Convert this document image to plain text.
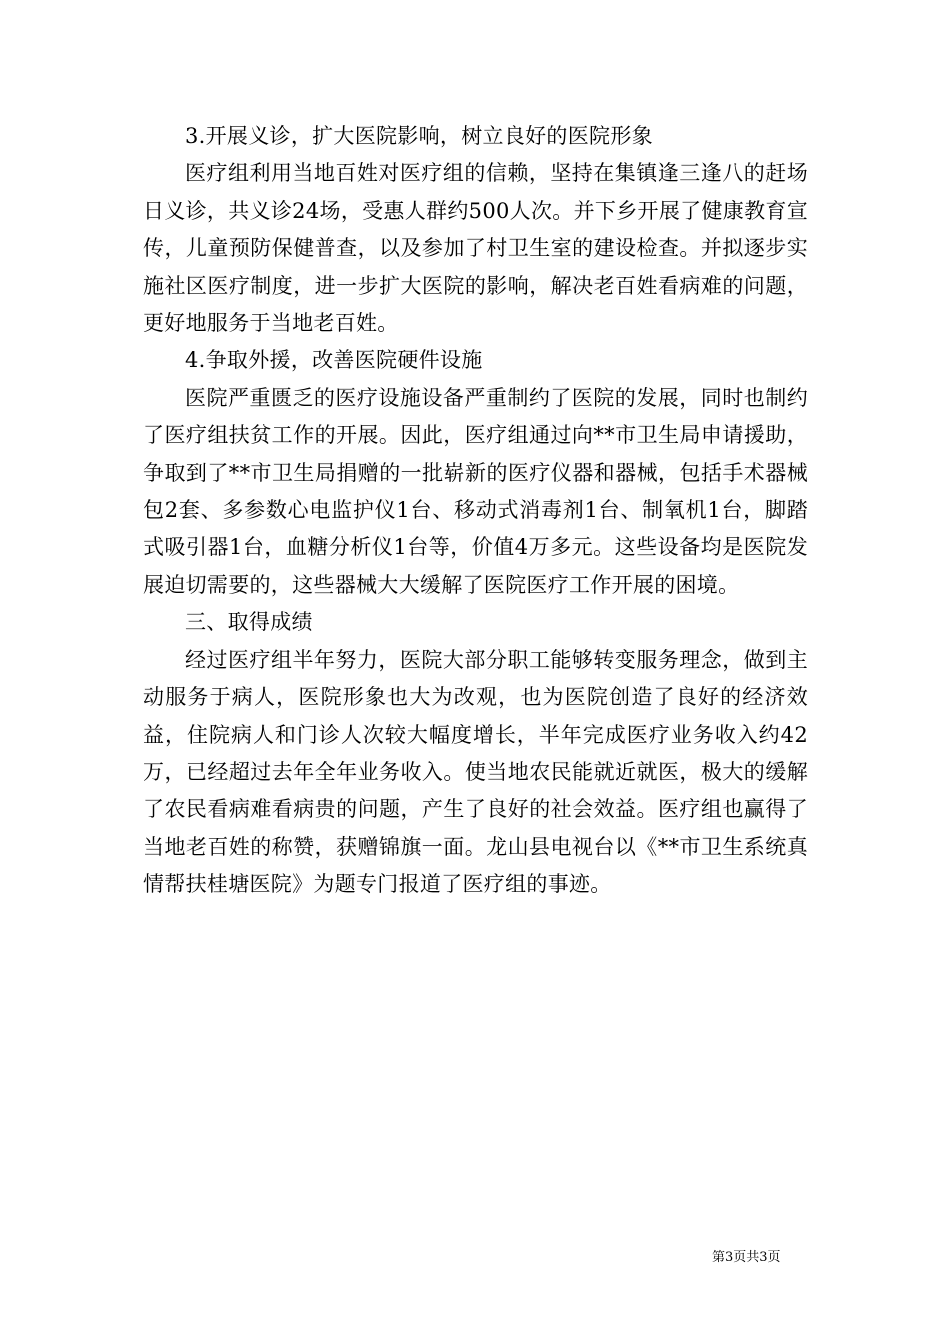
3.开展义诊，扩大医院影响，树立良好的医院形象

医疗组利用当地百姓对医疗组的信赖，坚持在集镇逢三逢八的赶场日义诊，共义诊24场，受惠人群约500人次。并下乡开展了健康教育宣传，儿童预防保健普查，以及参加了村卫生室的建设检查。并拟逐步实施社区医疗制度，进一步扩大医院的影响，解决老百姓看病难的问题，更好地服务于当地老百姓。

4.争取外援，改善医院硬件设施

医院严重匮乏的医疗设施设备严重制约了医院的发展，同时也制约了医疗组扶贫工作的开展。因此，医疗组通过向**市卫生局申请援助，争取到了**市卫生局捐赠的一批崭新的医疗仪器和器械，包括手术器械包2套、多参数心电监护仪1台、移动式消毒剂1台、制氧机1台，脚踏式吸引器1台，血糖分析仪1台等，价值4万多元。这些设备均是医院发展迫切需要的，这些器械大大缓解了医院医疗工作开展的困境。

三、取得成绩

经过医疗组半年努力，医院大部分职工能够转变服务理念，做到主动服务于病人，医院形象也大为改观，也为医院创造了良好的经济效益，住院病人和门诊人次较大幅度增长，半年完成医疗业务收入约42万，已经超过去年全年业务收入。使当地农民能就近就医，极大的缓解了农民看病难看病贵的问题，产生了良好的社会效益。医疗组也赢得了当地老百姓的称赞，获赠锦旗一面。龙山县电视台以《**市卫生系统真情帮扶桂塘医院》为题专门报道了医疗组的事迹。

第3页共3页
